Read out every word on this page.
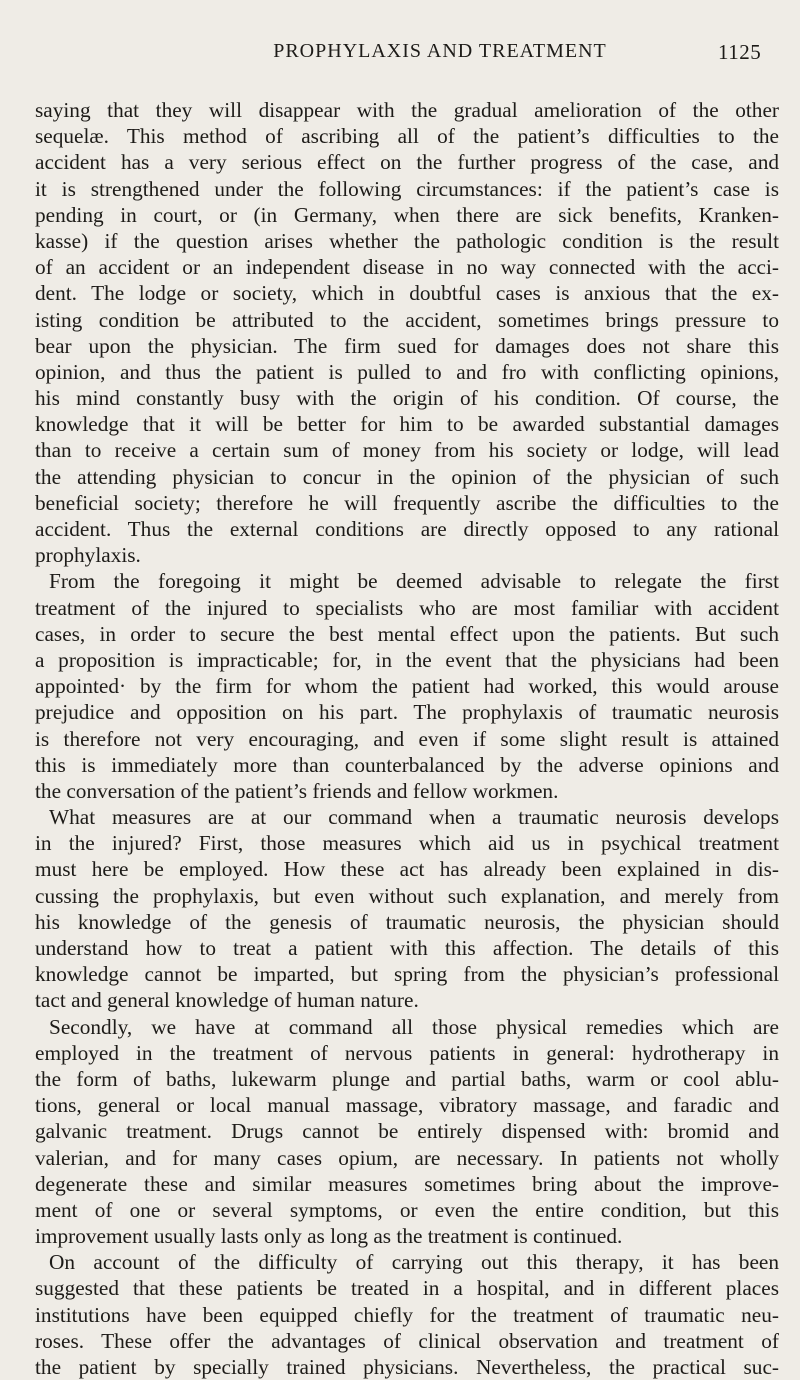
PROPHYLAXIS AND TREATMENT	1125
saying that they will disappear with the gradual amelioration of the other
sequelæ. This method of ascribing all of the patient’s difficulties to the
accident has a very serious effect on the further progress of the case, and
it is strengthened under the following circumstances: if the patient’s case is
pending in court, or (in Germany, when there are sick benefits, Kranken-
kasse) if the question arises whether the pathologic condition is the result
of an accident or an independent disease in no way connected with the acci-
dent. The lodge or society, which in doubtful cases is anxious that the ex-
isting condition be attributed to the accident, sometimes brings pressure to
bear upon the physician. The firm sued for damages does not share this
opinion, and thus the patient is pulled to and fro with conflicting opinions,
his mind constantly busy with the origin of his condition. Of course, the
knowledge that it will be better for him to be awarded substantial damages
than to receive a certain sum of money from his society or lodge, will lead
the attending physician to concur in the opinion of the physician of such
beneficial society; therefore he will frequently ascribe the difficulties to the
accident. Thus the external conditions are directly opposed to any rational
prophylaxis.
From the foregoing it might be deemed advisable to relegate the first
treatment of the injured to specialists who are most familiar with accident
cases, in order to secure the best mental effect upon the patients. But such
a proposition is impracticable; for, in the event that the physicians had been
appointed· by the firm for whom the patient had worked, this would arouse
prejudice and opposition on his part. The prophylaxis of traumatic neurosis
is therefore not very encouraging, and even if some slight result is attained
this is immediately more than counterbalanced by the adverse opinions and
the conversation of the patient’s friends and fellow workmen.
What measures are at our command when a traumatic neurosis develops
in the injured? First, those measures which aid us in psychical treatment
must here be employed. How these act has already been explained in dis-
cussing the prophylaxis, but even without such explanation, and merely from
his knowledge of the genesis of traumatic neurosis, the physician should
understand how to treat a patient with this affection. The details of this
knowledge cannot be imparted, but spring from the physician’s professional
tact and general knowledge of human nature.
Secondly, we have at command all those physical remedies which are
employed in the treatment of nervous patients in general: hydrotherapy in
the form of baths, lukewarm plunge and partial baths, warm or cool ablu-
tions, general or local manual massage, vibratory massage, and faradic and
galvanic treatment. Drugs cannot be entirely dispensed with: bromid and
valerian, and for many cases opium, are necessary. In patients not wholly
degenerate these and similar measures sometimes bring about the improve-
ment of one or several symptoms, or even the entire condition, but this
improvement usually lasts only as long as the treatment is continued.
On account of the difficulty of carrying out this therapy, it has been
suggested that these patients be treated in a hospital, and in different places
institutions have been equipped chiefly for the treatment of traumatic neu-
roses. These offer the advantages of clinical observation and treatment of
the patient by specially trained physicians. Nevertheless, the practical suc-
